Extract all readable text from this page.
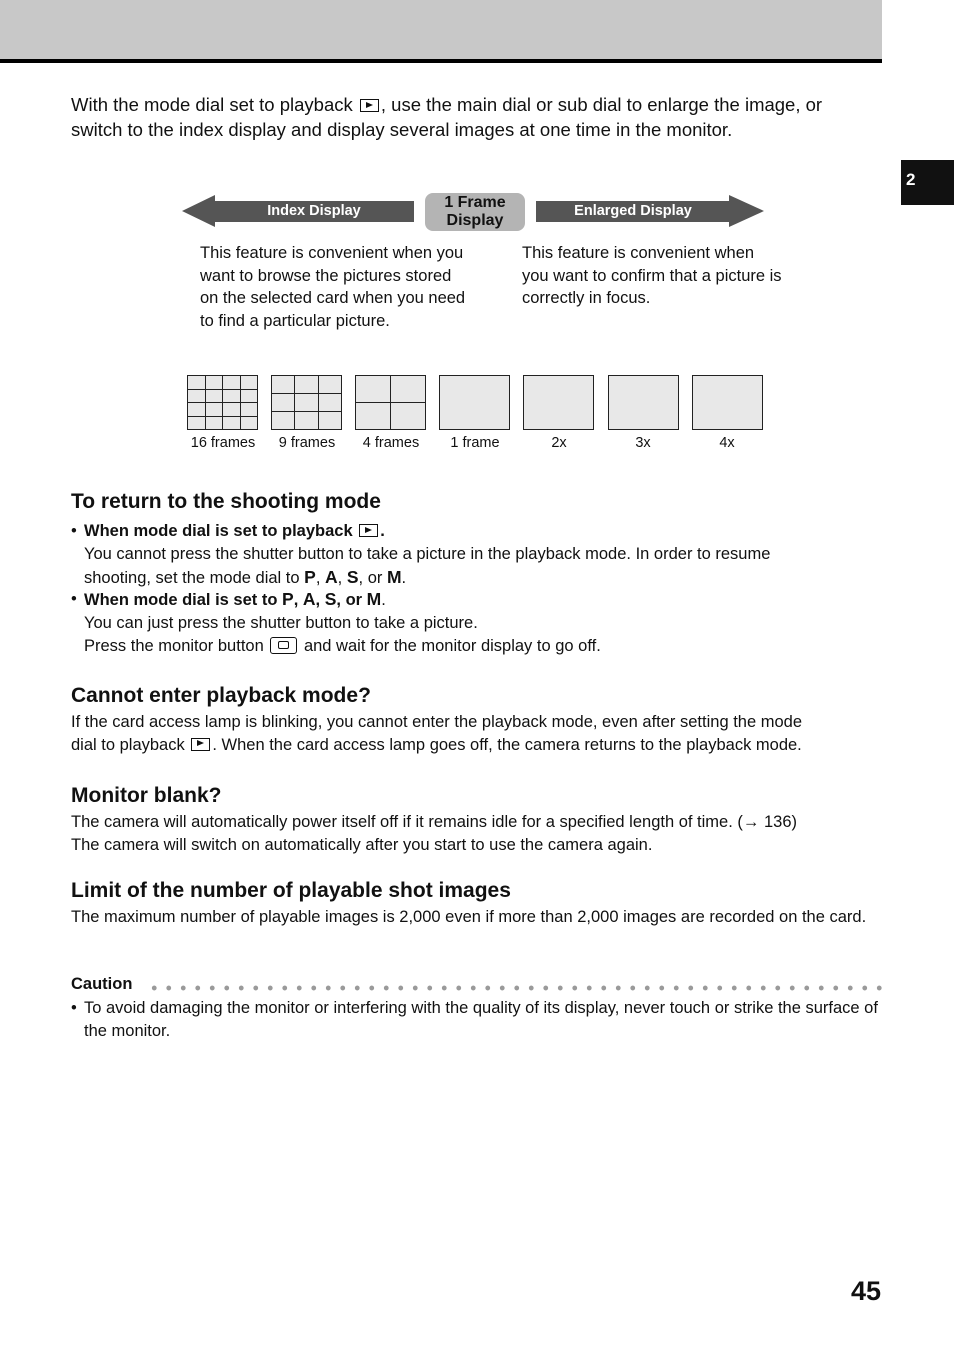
2
With the mode dial set to playback , use the main dial or sub dial to enlarge the image, or switch to the index display and display several images at one time in the monitor.
Index Display	1 Frame
Display
Enlarged Display
This feature is convenient when you want to browse the pictures stored on the selected card when you need to find a particular picture.
This feature is convenient when you want to confirm that a picture is correctly in focus.
16 frames	9 frames	4 frames	1 frame	2x	3x	4x
To return to the shooting mode
• When mode dial is set to playback .
You cannot press the shutter button to take a picture in the playback mode. In order to resume
shooting, set the mode dial to P, A, S, or M.
• When mode dial is set to P, A, S, or M.
You can just press the shutter button to take a picture.
Press the monitor button  and wait for the monitor display to go off.
Cannot enter playback mode?
If the card access lamp is blinking, you cannot enter the playback mode, even after setting the mode
dial to playback . When the card access lamp goes off, the camera returns to the playback mode.
Monitor blank?
The camera will automatically power itself off if it remains idle for a specified length of time. (→ 136)
The camera will switch on automatically after you start to use the camera again.
Limit of the number of playable shot images
The maximum number of playable images is 2,000 even if more than 2,000 images are recorded on the card.
Caution
• To avoid damaging the monitor or interfering with the quality of its display, never touch or strike the surface of the monitor.
45
